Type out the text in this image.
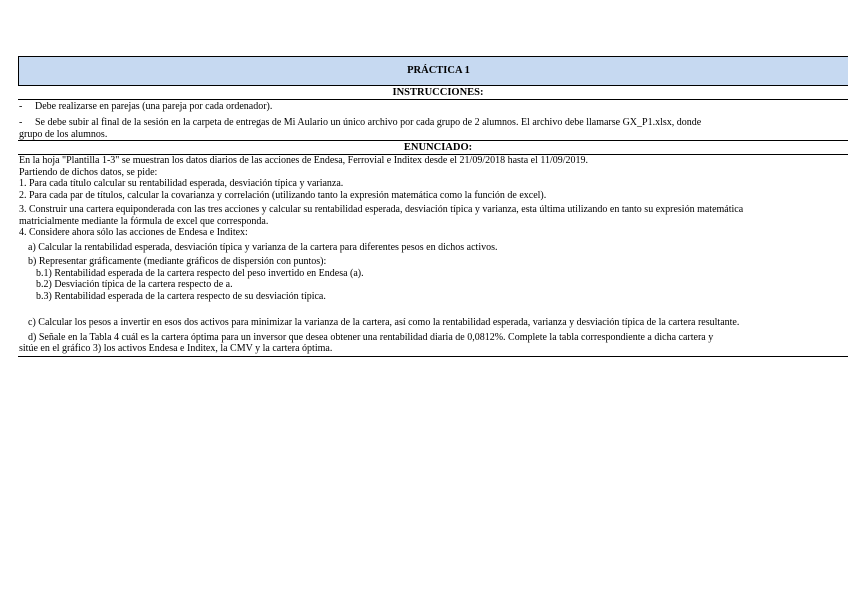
PRÁCTICA 1
INSTRUCCIONES:
- Debe realizarse en parejas (una pareja por cada ordenador).
- Se debe subir al final de la sesión en la carpeta de entregas de Mi Aulario un único archivo por cada grupo de 2 alumnos. El archivo debe llamarse GX_P1.xlsx, donde
grupo de los alumnos.
ENUNCIADO:
En la hoja "Plantilla 1-3" se muestran los datos diarios de las acciones de Endesa, Ferrovial e Inditex desde el 21/09/2018 hasta el 11/09/2019.
Partiendo de dichos datos, se pide:
1. Para cada título calcular su rentabilidad esperada, desviación típica y varianza.
2. Para cada par de títulos, calcular la covarianza y correlación (utilizando tanto la expresión matemática como la función de excel).
3. Construir una cartera equiponderada con las tres acciones y calcular su rentabilidad esperada, desviación típica y varianza, esta última utilizando en tanto su expresión matemática
matricialmente mediante la fórmula de excel que corresponda.
4. Considere ahora sólo las acciones de Endesa e Inditex:
a) Calcular la rentabilidad esperada, desviación típica y varianza de la cartera para diferentes pesos en dichos activos.
b) Representar gráficamente (mediante gráficos de dispersión con puntos):
b.1) Rentabilidad esperada de la cartera respecto del peso invertido en Endesa (a).
b.2) Desviación típica de la cartera respecto de a.
b.3) Rentabilidad esperada de la cartera respecto de su desviación típica.
c) Calcular los pesos a invertir en esos dos activos para minimizar la varianza de la cartera, así como la rentabilidad esperada, varianza y desviación típica de la cartera resultante.
d) Señale en la Tabla 4 cuál es la cartera óptima para un inversor que desea obtener una rentabilidad diaria de 0,0812%. Complete la tabla correspondiente a dicha cartera y
sitúe en el gráfico 3) los activos Endesa e Inditex, la CMV y la cartera óptima.
